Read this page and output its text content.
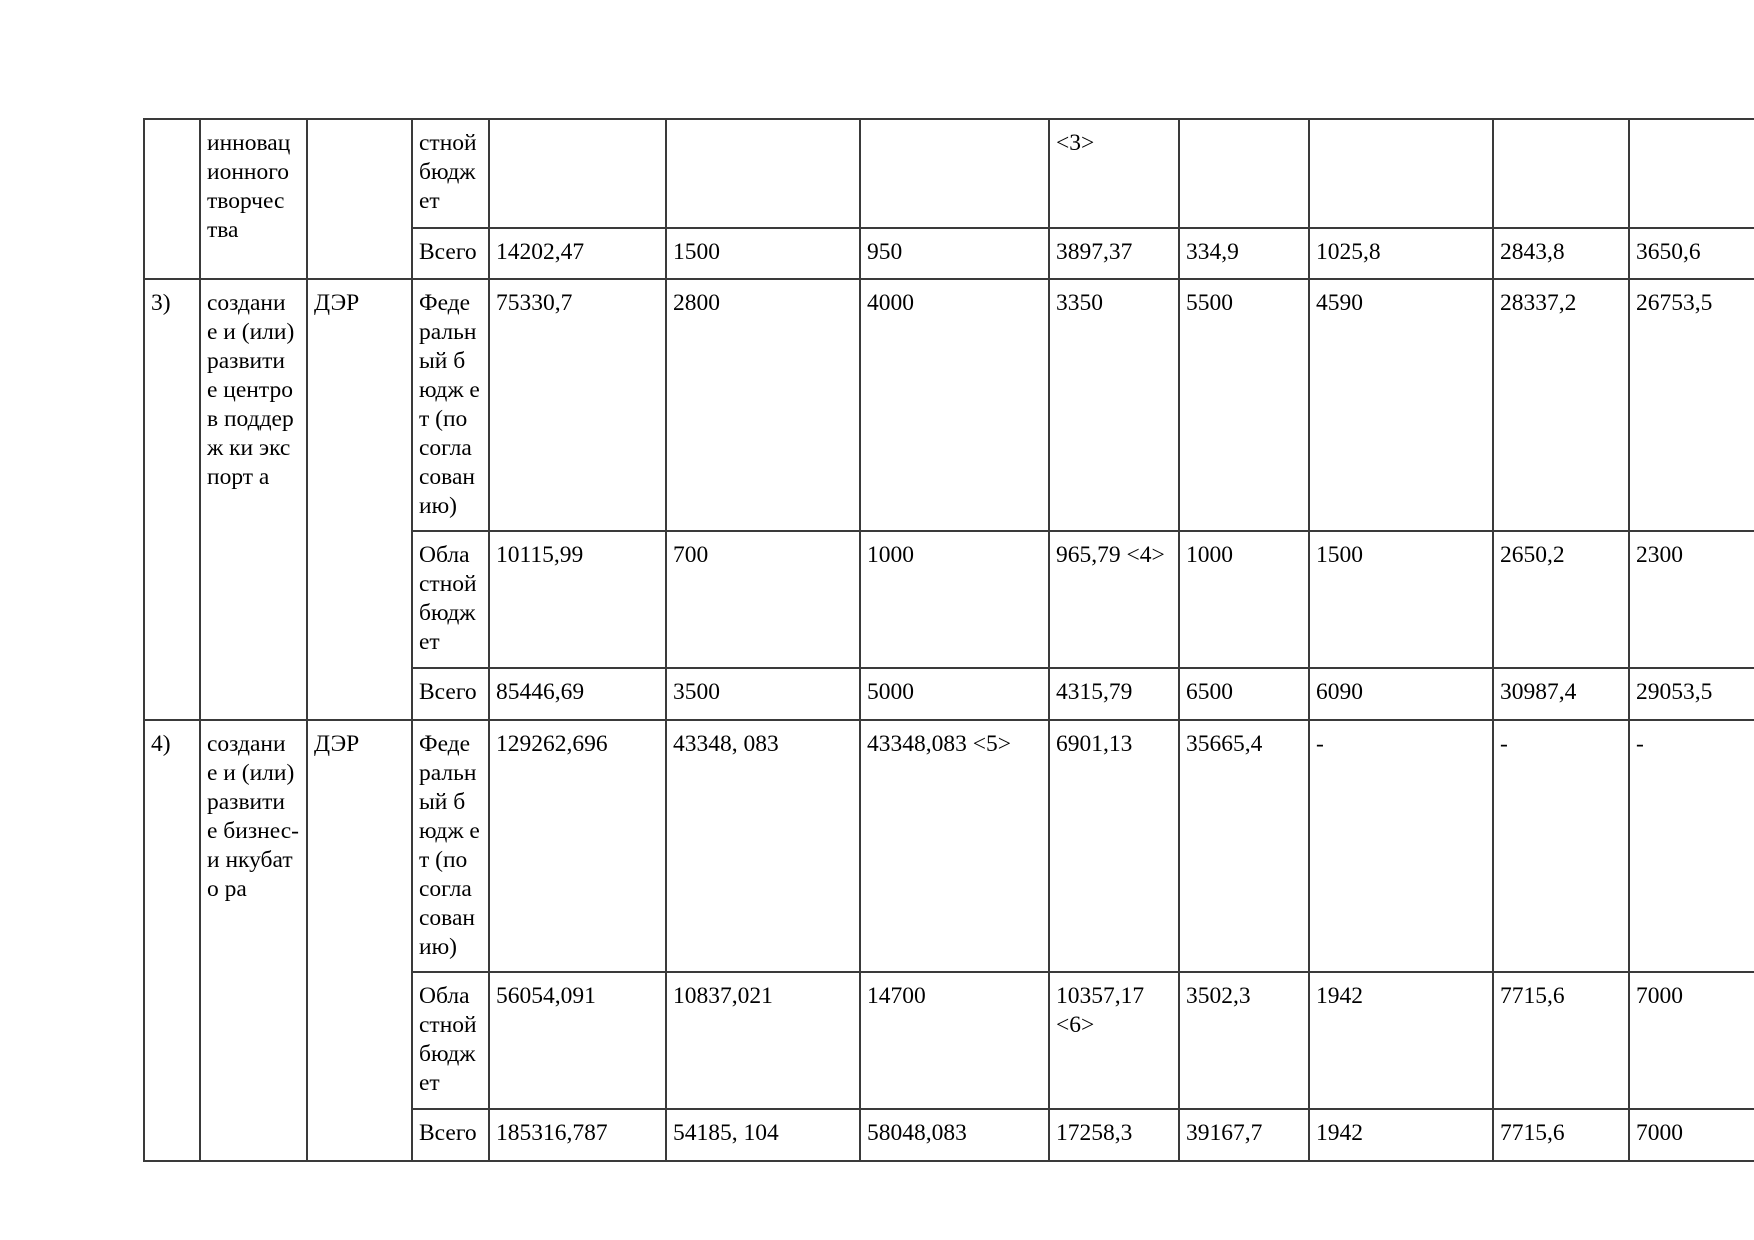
	инновац ионного творчес тва		стной бюдж ет				<3>				
			Всего	14202,47	1500	950	3897,37	334,9	1025,8	2843,8	3650,6
3)	создани е и (или) развити е центров поддерж ки экспорт а	ДЭР	Феде ральн ый бюдж ет (по согла сован ию)	75330,7	2800	4000	3350	5500	4590	28337,2	26753,5
			Обла стной бюдж ет	10115,99	700	1000	965,79 <4>	1000	1500	2650,2	2300
			Всего	85446,69	3500	5000	4315,79	6500	6090	30987,4	29053,5
4)	создани е и (или) развити е бизнес-и нкубато ра	ДЭР	Феде ральн ый бюдж ет (по согла сован ию)	129262,696	43348, 083	43348,083 <5>	6901,13	35665,4	-	-	-
			Обла стной бюдж ет	56054,091	10837,021	14700	10357,17 <6>	3502,3	1942	7715,6	7000
			Всего	185316,787	54185, 104	58048,083	17258,3	39167,7	1942	7715,6	7000
